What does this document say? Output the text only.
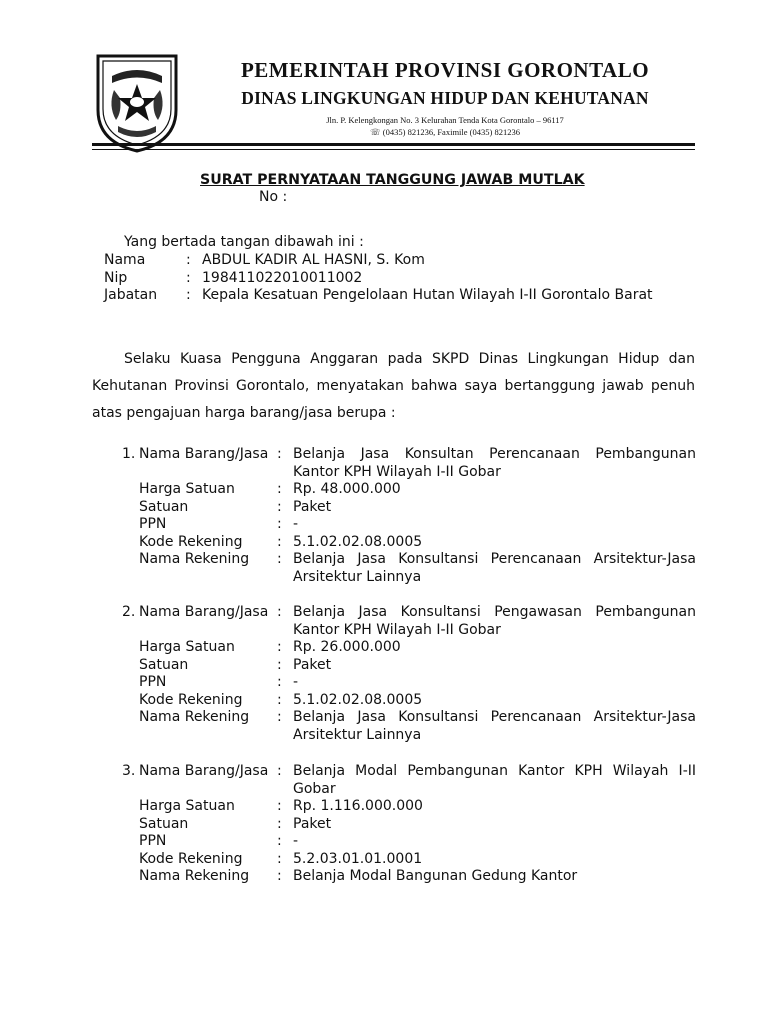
PEMERINTAH PROVINSI GORONTALO
DINAS LINGKUNGAN HIDUP DAN KEHUTANAN
Jln. P. Kelengkongan No. 3 Kelurahan Tenda Kota Gorontalo – 96117
☏ (0435) 821236, Faximile (0435) 821236
SURAT PERNYATAAN TANGGUNG JAWAB MUTLAK
No :
Yang bertada tangan dibawah ini :
Nama	: ABDUL KADIR AL HASNI, S. Kom
Nip	: 198411022010011002
Jabatan : Kepala Kesatuan Pengelolaan Hutan Wilayah I-II Gorontalo Barat

Selaku Kuasa Pengguna Anggaran pada SKPD Dinas Lingkungan Hidup dan Kehutanan Provinsi Gorontalo, menyatakan bahwa saya bertanggung jawab penuh atas pengajuan harga barang/jasa berupa :

1. Nama Barang/Jasa : Belanja Jasa Konsultan Perencanaan Pembangunan Kantor KPH Wilayah I-II Gobar
Harga Satuan	: Rp. 48.000.000
Satuan	: Paket
PPN	: -
Kode Rekening : 5.1.02.02.08.0005
Nama Rekening : Belanja Jasa Konsultansi Perencanaan Arsitektur-Jasa Arsitektur Lainnya
2. Nama Barang/Jasa : Belanja Jasa Konsultansi Pengawasan Pembangunan Kantor KPH Wilayah I-II Gobar
Harga Satuan	: Rp. 26.000.000
Satuan	: Paket
PPN	: -
Kode Rekening : 5.1.02.02.08.0005
Nama Rekening : Belanja Jasa Konsultansi Perencanaan Arsitektur-Jasa Arsitektur Lainnya
3. Nama Barang/Jasa : Belanja Modal Pembangunan Kantor KPH Wilayah I-II Gobar
Harga Satuan	: Rp. 1.116.000.000
Satuan	: Paket
PPN	: -
Kode Rekening : 5.2.03.01.01.0001
Nama Rekening : Belanja Modal Bangunan Gedung Kantor
